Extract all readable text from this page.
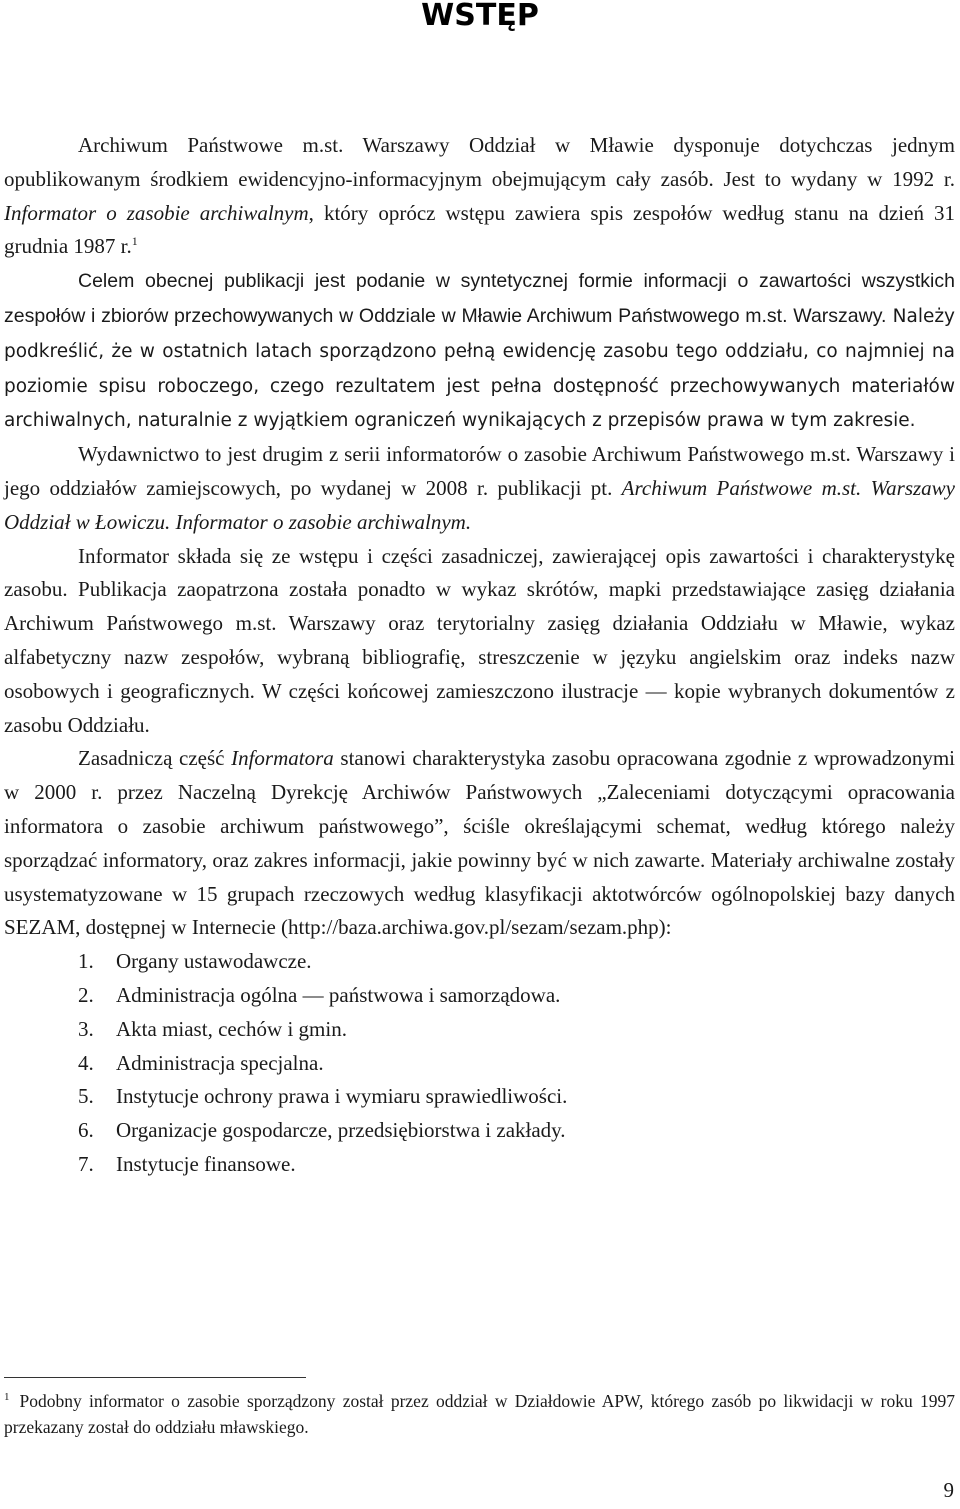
WSTĘP

Archiwum Państwowe m.st. Warszawy Oddział w Mławie dysponuje dotychczas jednym opublikowanym środkiem ewidencyjno-informacyjnym obejmującym cały zasób. Jest to wydany w 1992 r. Informator o zasobie archiwalnym, który oprócz wstępu zawiera spis zespołów według stanu na dzień 31 grudnia 1987 r.$^1$

Celem obecnej publikacji jest podanie w syntetycznej formie informacji o zawartości wszystkich zespołów i zbiorów przechowywanych w Oddziale w Mławie Archiwum Państwowego m.st. Warszawy. Należy podkreślić, że w ostatnich latach sporządzono pełną ewidencję zasobu tego oddziału, co najmniej na poziomie spisu roboczego, czego rezultatem jest pełna dostępność przechowywanych materiałów archiwalnych, naturalnie z wyjątkiem ograniczeń wynikających z przepisów prawa w tym zakresie.

Wydawnictwo to jest drugim z serii informatorów o zasobie Archiwum Państwowego m.st. Warszawy i jego oddziałów zamiejscowych, po wydanej w 2008 r. publikacji pt. Archiwum Państwowe m.st. Warszawy Oddział w Łowiczu. Informator o zasobie archiwalnym.

Informator składa się ze wstępu i części zasadniczej, zawierającej opis zawartości i charakterystykę zasobu. Publikacja zaopatrzona została ponadto w wykaz skrótów, mapki przedstawiające zasięg działania Archiwum Państwowego m.st. Warszawy oraz terytorialny zasięg działania Oddziału w Mławie, wykaz alfabetyczny nazw zespołów, wybraną bibliografię, streszczenie w języku angielskim oraz indeks nazw osobowych i geograficznych. W części końcowej zamieszczono ilustracje — kopie wybranych dokumentów z zasobu Oddziału.

Zasadniczą część Informatora stanowi charakterystyka zasobu opracowana zgodnie z wprowadzonymi w 2000 r. przez Naczelną Dyrekcję Archiwów Państwowych „Zaleceniami dotyczącymi opracowania informatora o zasobie archiwum państwowego”, ściśle określającymi schemat, według którego należy sporządzać informatory, oraz zakres informacji, jakie powinny być w nich zawarte. Materiały archiwalne zostały usystematyzowane w 15 grupach rzeczowych według klasyfikacji aktotwórców ogólnopolskiej bazy danych SEZAM, dostępnej w Internecie (http://baza.archiwa.gov.pl/sezam/sezam.php):

1.	Organy ustawodawcze.
2.	Administracja ogólna — państwowa i samorządowa.
3.	Akta miast, cechów i gmin.
4.	Administracja specjalna.
5.	Instytucje ochrony prawa i wymiaru sprawiedliwości.
6.	Organizacje gospodarcze, przedsiębiorstwa i zakłady.
7.	Instytucje finansowe.
$^1$ Podobny informator o zasobie sporządzony został przez oddział w Działdowie APW, którego zasób po likwidacji w roku 1997 przekazany został do oddziału mławskiego.
9
